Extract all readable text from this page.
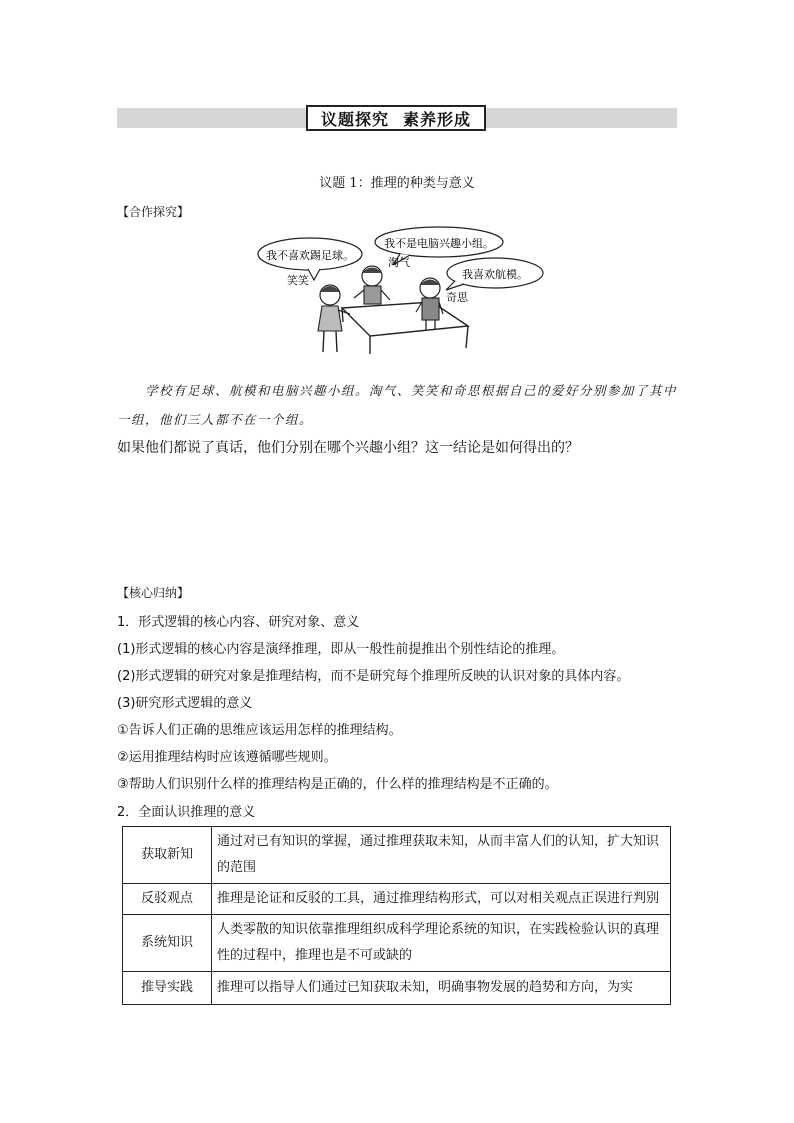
议题探究 素养形成
议题 1：推理的种类与意义
【合作探究】
我不喜欢踢足球。
我不是电脑兴趣小组。
我喜欢航模。
笑笑
淘气
奇思
学校有足球、航模和电脑兴趣小组。淘气、笑笑和奇思根据自己的爱好分别参加了其中一组，他们三人都不在一个组。
如果他们都说了真话，他们分别在哪个兴趣小组？这一结论是如何得出的？
【核心归纳】
1．形式逻辑的核心内容、研究对象、意义
(1)形式逻辑的核心内容是演绎推理，即从一般性前提推出个别性结论的推理。
(2)形式逻辑的研究对象是推理结构，而不是研究每个推理所反映的认识对象的具体内容。
(3)研究形式逻辑的意义
①告诉人们正确的思维应该运用怎样的推理结构。
②运用推理结构时应该遵循哪些规则。
③帮助人们识别什么样的推理结构是正确的，什么样的推理结构是不正确的。
2．全面认识推理的意义
获取新知	通过对已有知识的掌握，通过推理获取未知，从而丰富人们的认知，扩大知识的范围
反驳观点	推理是论证和反驳的工具，通过推理结构形式，可以对相关观点正误进行判别
系统知识	人类零散的知识依靠推理组织成科学理论系统的知识，在实践检验认识的真理性的过程中，推理也是不可或缺的
推导实践	推理可以指导人们通过已知获取未知，明确事物发展的趋势和方向，为实
